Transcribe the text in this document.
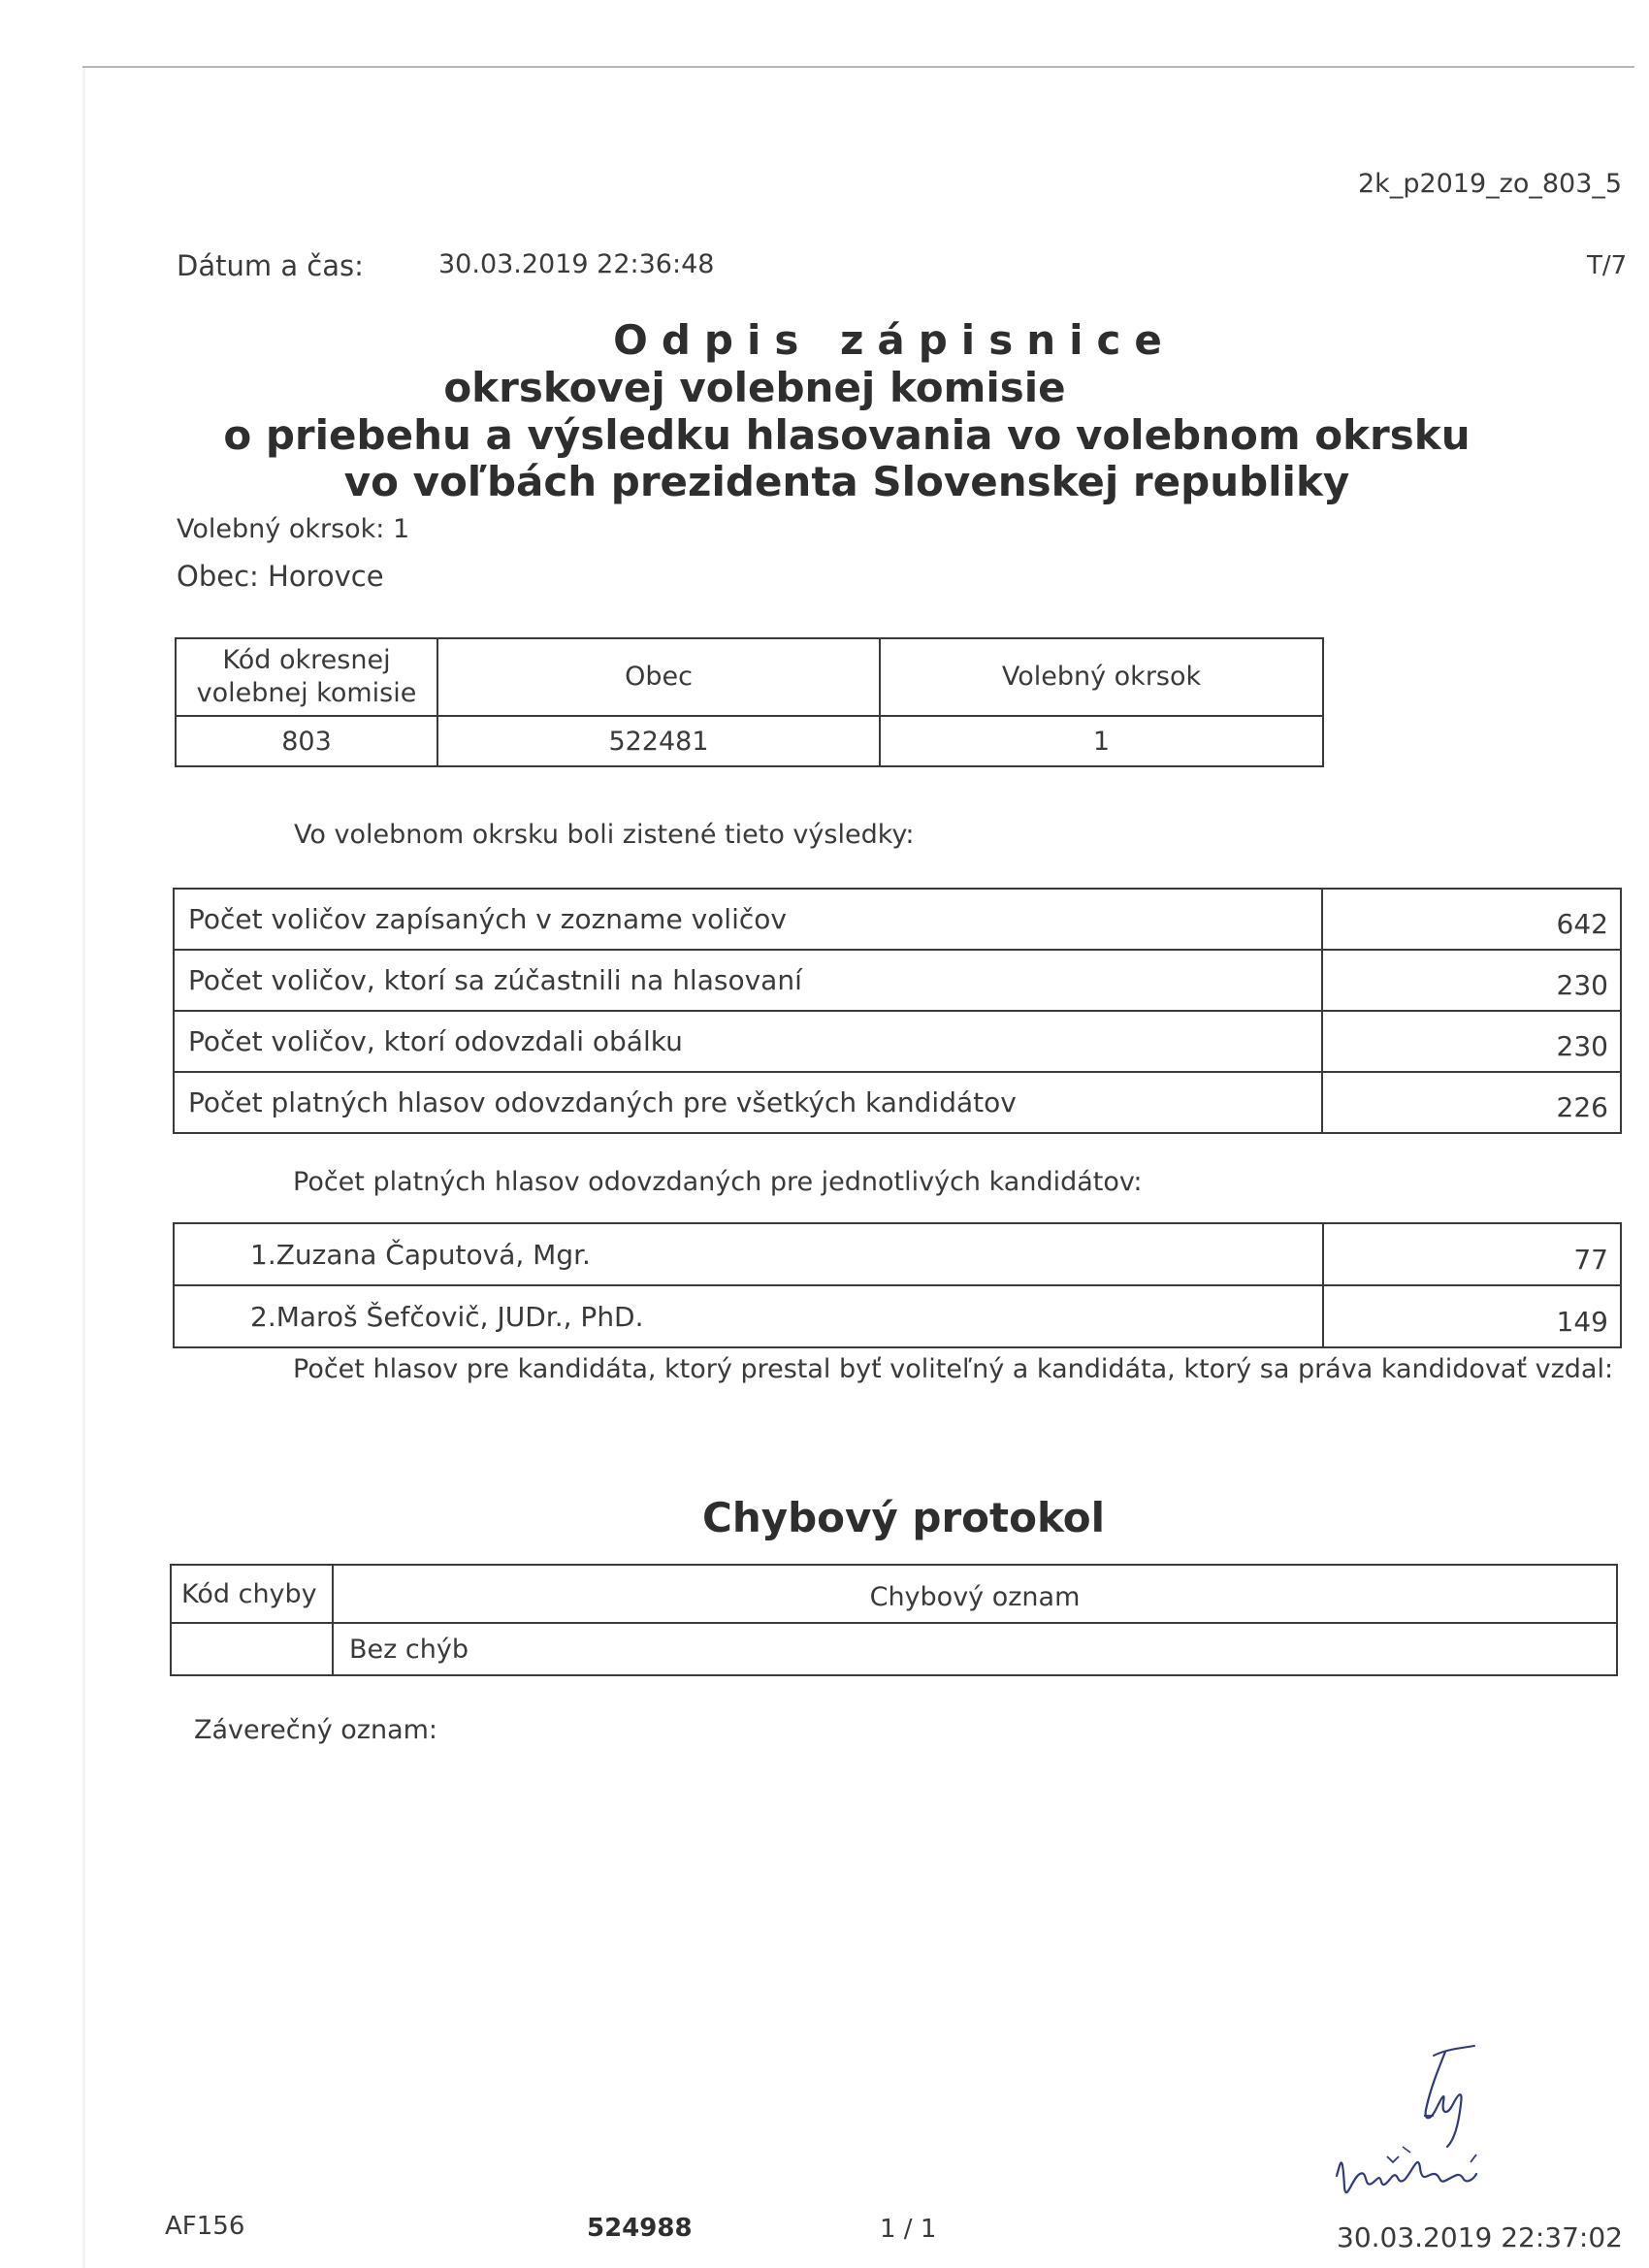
2k_p2019_zo_803_5
Dátum a čas:	30.03.2019 22:36:48	T/7
Odpis zápisnice
okrskovej volebnej komisie
o priebehu a výsledku hlasovania vo volebnom okrsku
vo voľbách prezidenta Slovenskej republiky
Volebný okrsok: 1
Obec: Horovce
Kód okresnej
volebnej komisie	Obec	Volebný okrsok
803	522481	1
Vo volebnom okrsku boli zistené tieto výsledky:
Počet voličov zapísaných v zozname voličov	642
Počet voličov, ktorí sa zúčastnili na hlasovaní	230
Počet voličov, ktorí odovzdali obálku	230
Počet platných hlasov odovzdaných pre všetkých kandidátov	226
Počet platných hlasov odovzdaných pre jednotlivých kandidátov:
1.Zuzana Čaputová, Mgr.	77
2.Maroš Šefčovič, JUDr., PhD.	149
Počet hlasov pre kandidáta, ktorý prestal byť voliteľný a kandidáta, ktorý sa práva kandidovať vzdal:
Chybový protokol
Kód chyby	Chybový oznam
	Bez chýb
Záverečný oznam:
AF156	524988	1 / 1	30.03.2019 22:37:02
